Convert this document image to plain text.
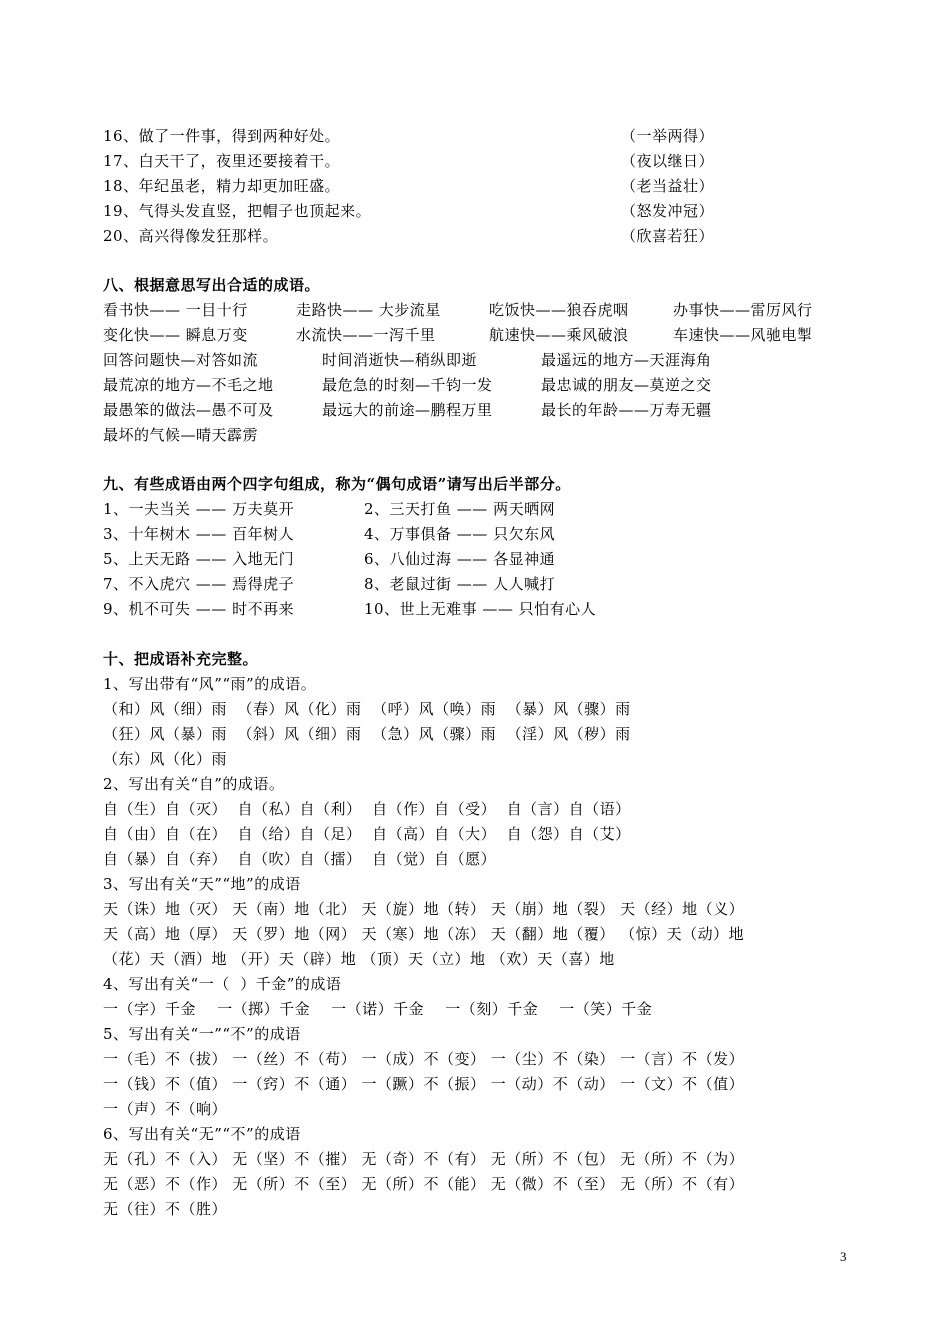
16、做了一件事，得到两种好处。	（一举两得）
17、白天干了，夜里还要接着干。	（夜以继日）
18、年纪虽老，精力却更加旺盛。	（老当益壮）
19、气得头发直竖，把帽子也顶起来。	（怒发冲冠）
20、高兴得像发狂那样。	（欣喜若狂）
八、根据意思写出合适的成语。
看书快—— 一目十行	走路快—— 大步流星	吃饭快——狼吞虎咽	办事快——雷厉风行
变化快—— 瞬息万变	水流快——一泻千里	航速快——乘风破浪	车速快——风驰电掣
回答问题快—对答如流	时间消逝快—稍纵即逝	最遥远的地方—天涯海角
最荒凉的地方—不毛之地	最危急的时刻—千钧一发	最忠诚的朋友—莫逆之交
最愚笨的做法—愚不可及	最远大的前途—鹏程万里	最长的年龄——万寿无疆
最坏的气候—晴天霹雳
九、有些成语由两个四字句组成，称为“偶句成语”请写出后半部分。
1、一夫当关 —— 万夫莫开	2、三天打鱼 —— 两天晒网
3、十年树木 —— 百年树人	4、万事俱备 —— 只欠东风
5、上天无路 —— 入地无门	6、八仙过海 —— 各显神通
7、不入虎穴 —— 焉得虎子	8、老鼠过街 —— 人人喊打
9、机不可失 —— 时不再来	10、世上无难事 —— 只怕有心人
十、把成语补充完整。
1、写出带有“风”“雨”的成语。
（和）风（细）雨  （春）风（化）雨  （呼）风（唤）雨  （暴）风（骤）雨
（狂）风（暴）雨  （斜）风（细）雨  （急）风（骤）雨  （淫）风（秽）雨
（东）风（化）雨
2、写出有关“自”的成语。
自（生）自（灭）  自（私）自（利）  自（作）自（受）  自（言）自（语）
自（由）自（在）  自（给）自（足）  自（高）自（大）  自（怨）自（艾）
自（暴）自（弃）  自（吹）自（擂）  自（觉）自（愿）
3、写出有关“天”“地”的成语
天（诛）地（灭） 天（南）地（北） 天（旋）地（转） 天（崩）地（裂） 天（经）地（义）
天（高）地（厚） 天（罗）地（网） 天（寒）地（冻） 天（翻）地（覆） （惊）天（动）地
（花）天（酒）地 （开）天（辟）地 （顶）天（立）地 （欢）天（喜）地
4、写出有关“一（  ）千金”的成语
一（字）千金    一（掷）千金    一（诺）千金    一（刻）千金    一（笑）千金
5、写出有关“一”“不”的成语
一（毛）不（拔） 一（丝）不（苟） 一（成）不（变） 一（尘）不（染） 一（言）不（发）
一（钱）不（值） 一（窍）不（通） 一（蹶）不（振） 一（动）不（动） 一（文）不（值）
一（声）不（响）
6、写出有关“无”“不”的成语
无（孔）不（入） 无（坚）不（摧） 无（奇）不（有） 无（所）不（包） 无（所）不（为）
无（恶）不（作） 无（所）不（至） 无（所）不（能） 无（微）不（至） 无（所）不（有）
无（往）不（胜）
3
